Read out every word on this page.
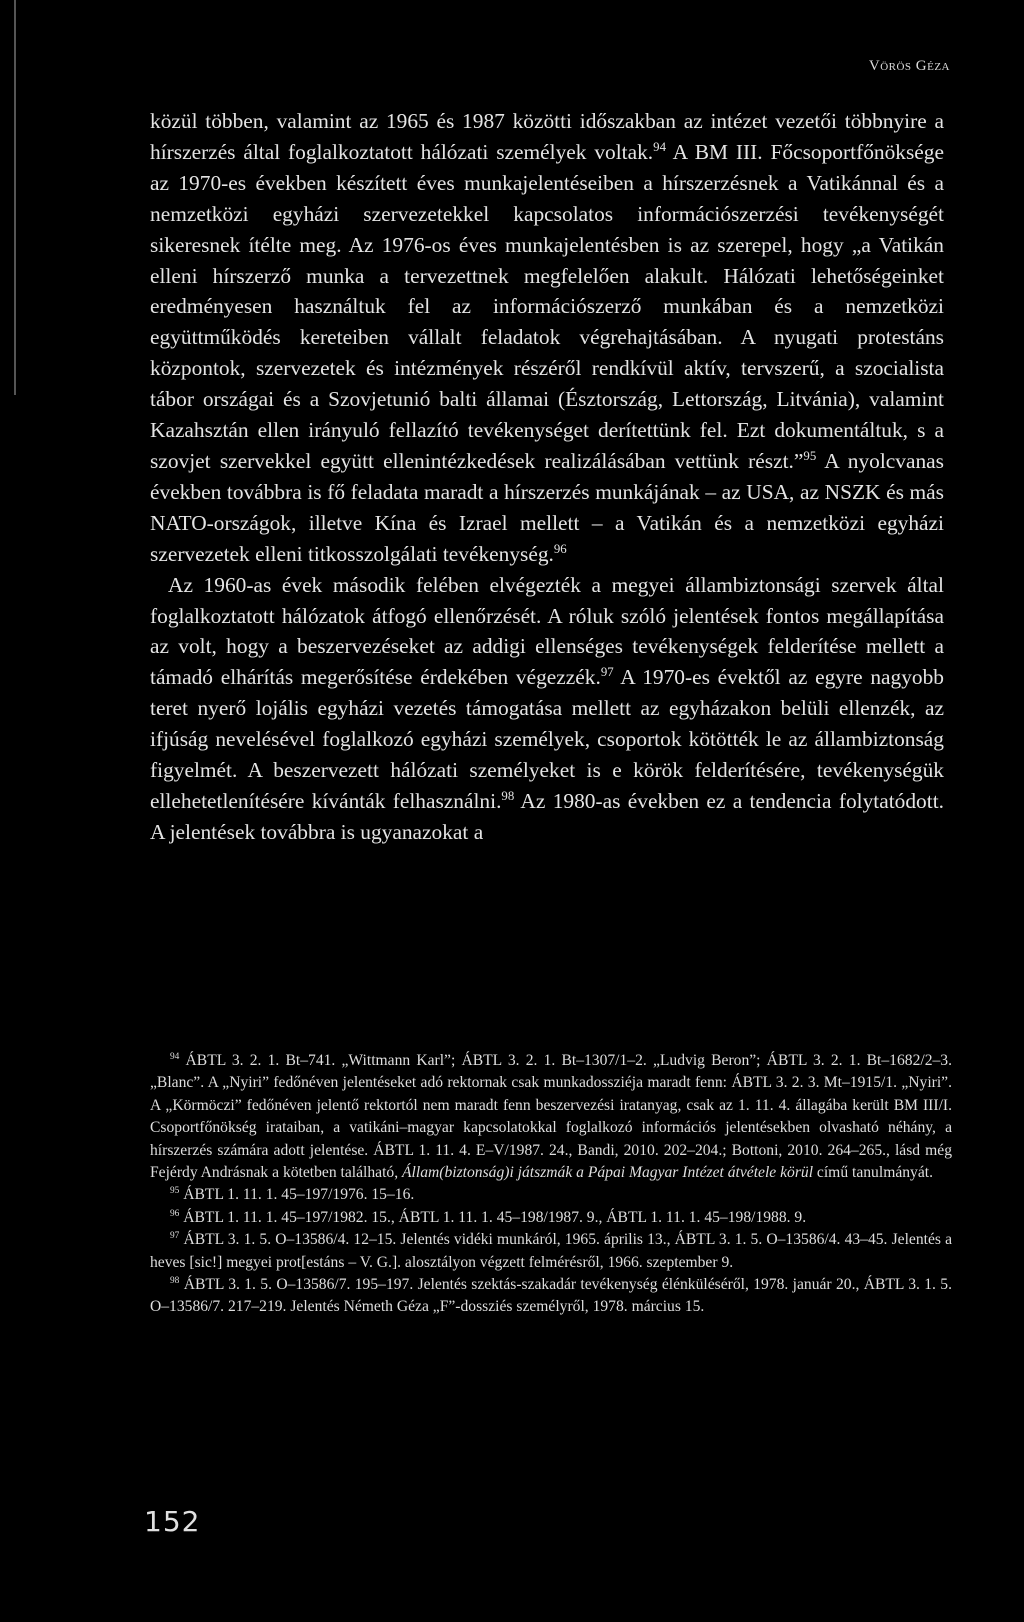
Vörös Géza

közül többen, valamint az 1965 és 1987 közötti időszakban az intézet vezetői többnyire a hírszerzés által foglalkoztatott hálózati személyek voltak.$^{94}$ A BM III. Főcsoportfőnöksége az 1970-es években készített éves munkajelentéseiben a hírszerzésnek a Vatikánnal és a nemzetközi egyházi szervezetekkel kapcsolatos információszerzési tevékenységét sikeresnek ítélte meg. Az 1976-os éves munkajelentésben is az szerepel, hogy „a Vatikán elleni hírszerző munka a tervezettnek megfelelően alakult. Hálózati lehetőségeinket eredményesen használtuk fel az információszerző munkában és a nemzetközi együttműködés kereteiben vállalt feladatok végrehajtásában. A nyugati protestáns központok, szervezetek és intézmények részéről rendkívül aktív, tervszerű, a szocialista tábor országai és a Szovjetunió balti államai (Észtország, Lettország, Litvánia), valamint Kazahsztán ellen irányuló fellazító tevékenységet derítettünk fel. Ezt dokumentáltuk, s a szovjet szervekkel együtt ellenintézkedések realizálásában vettünk részt.”$^{95}$ A nyolcvanas években továbbra is fő feladata maradt a hírszerzés munkájának – az USA, az NSZK és más NATO-országok, illetve Kína és Izrael mellett – a Vatikán és a nemzetközi egyházi szervezetek elleni titkosszolgálati tevékenység.$^{96}$

Az 1960-as évek második felében elvégezték a megyei állambiztonsági szervek által foglalkoztatott hálózatok átfogó ellenőrzését. A róluk szóló jelentések fontos megállapítása az volt, hogy a beszervezéseket az addigi ellenséges tevékenységek felderítése mellett a támadó elhárítás megerősítése érdekében végezzék.$^{97}$ A 1970-es évektől az egyre nagyobb teret nyerő lojális egyházi vezetés támogatása mellett az egyházakon belüli ellenzék, az ifjúság nevelésével foglalkozó egyházi személyek, csoportok kötötték le az állambiztonság figyelmét. A beszervezett hálózati személyeket is e körök felderítésére, tevékenységük ellehetetlenítésére kívánták felhasználni.$^{98}$ Az 1980-as években ez a tendencia folytatódott. A jelentések továbbra is ugyanazokat a

$^{94}$ ÁBTL 3. 2. 1. Bt–741. „Wittmann Karl”; ÁBTL 3. 2. 1. Bt–1307/1–2. „Ludvig Beron”; ÁBTL 3. 2. 1. Bt–1682/2–3. „Blanc”. A „Nyiri” fedőnéven jelentéseket adó rektornak csak munkadossziéja maradt fenn: ÁBTL 3. 2. 3. Mt–1915/1. „Nyiri”. A „Körmöczi” fedőnéven jelentő rektortól nem maradt fenn beszervezési iratanyag, csak az 1. 11. 4. állagába került BM III/I. Csoportfőnökség irataiban, a vatikáni–magyar kapcsolatokkal foglalkozó információs jelentésekben olvasható néhány, a hírszerzés számára adott jelentése. ÁBTL 1. 11. 4. E–V/1987. 24., Bandi, 2010. 202–204.; Bottoni, 2010. 264–265., lásd még Fejérdy Andrásnak a kötetben található, Állam(biztonság)i játszmák a Pápai Magyar Intézet átvétele körül című tanulmányát.

$^{95}$ ÁBTL 1. 11. 1. 45–197/1976. 15–16.

$^{96}$ ÁBTL 1. 11. 1. 45–197/1982. 15., ÁBTL 1. 11. 1. 45–198/1987. 9., ÁBTL 1. 11. 1. 45–198/1988. 9.

$^{97}$ ÁBTL 3. 1. 5. O–13586/4. 12–15. Jelentés vidéki munkáról, 1965. április 13., ÁBTL 3. 1. 5. O–13586/4. 43–45. Jelentés a heves [sic!] megyei prot[estáns – V. G.]. alosztályon végzett felmérésről, 1966. szeptember 9.

$^{98}$ ÁBTL 3. 1. 5. O–13586/7. 195–197. Jelentés szektás-szakadár tevékenység élénküléséről, 1978. január 20., ÁBTL 3. 1. 5. O–13586/7. 217–219. Jelentés Németh Géza „F”-dossziés személyről, 1978. március 15.

152
